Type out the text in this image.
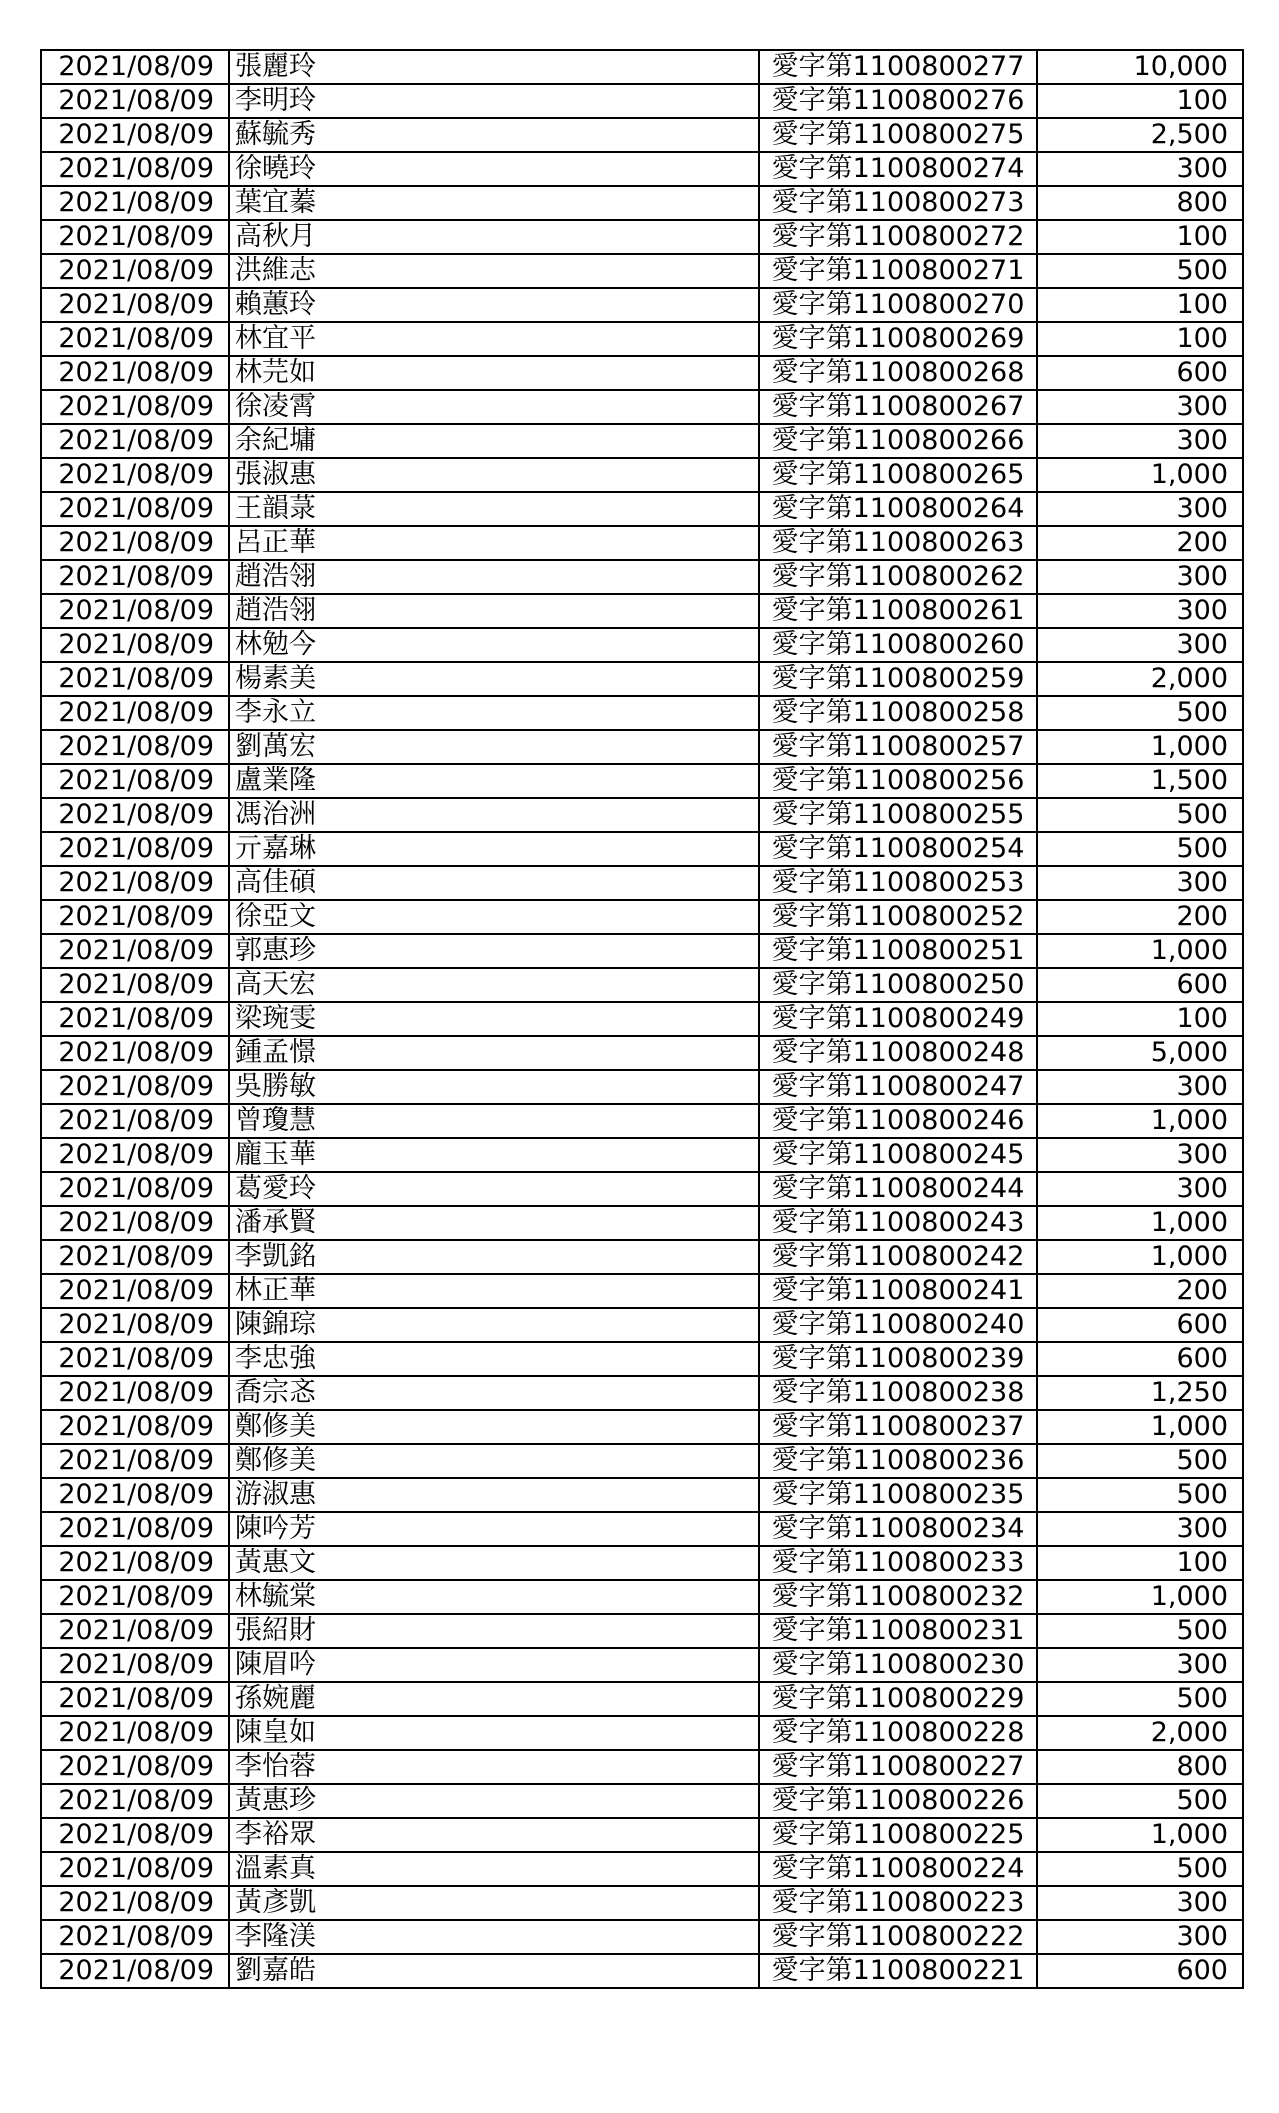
2021/08/09	張麗玲	愛字第1100800277	10,000
2021/08/09	李明玲	愛字第1100800276	100
2021/08/09	蘇毓秀	愛字第1100800275	2,500
2021/08/09	徐曉玲	愛字第1100800274	300
2021/08/09	葉宜蓁	愛字第1100800273	800
2021/08/09	高秋月	愛字第1100800272	100
2021/08/09	洪維志	愛字第1100800271	500
2021/08/09	賴蕙玲	愛字第1100800270	100
2021/08/09	林宜平	愛字第1100800269	100
2021/08/09	林芫如	愛字第1100800268	600
2021/08/09	徐凌霄	愛字第1100800267	300
2021/08/09	余紀墉	愛字第1100800266	300
2021/08/09	張淑惠	愛字第1100800265	1,000
2021/08/09	王韻菉	愛字第1100800264	300
2021/08/09	呂正華	愛字第1100800263	200
2021/08/09	趙浩翎	愛字第1100800262	300
2021/08/09	趙浩翎	愛字第1100800261	300
2021/08/09	林勉今	愛字第1100800260	300
2021/08/09	楊素美	愛字第1100800259	2,000
2021/08/09	李永立	愛字第1100800258	500
2021/08/09	劉萬宏	愛字第1100800257	1,000
2021/08/09	盧業隆	愛字第1100800256	1,500
2021/08/09	馮治洲	愛字第1100800255	500
2021/08/09	亓嘉琳	愛字第1100800254	500
2021/08/09	高佳碩	愛字第1100800253	300
2021/08/09	徐亞文	愛字第1100800252	200
2021/08/09	郭惠珍	愛字第1100800251	1,000
2021/08/09	高天宏	愛字第1100800250	600
2021/08/09	梁琬雯	愛字第1100800249	100
2021/08/09	鍾孟憬	愛字第1100800248	5,000
2021/08/09	吳勝敏	愛字第1100800247	300
2021/08/09	曾瓊慧	愛字第1100800246	1,000
2021/08/09	龐玉華	愛字第1100800245	300
2021/08/09	葛愛玲	愛字第1100800244	300
2021/08/09	潘承賢	愛字第1100800243	1,000
2021/08/09	李凱銘	愛字第1100800242	1,000
2021/08/09	林正華	愛字第1100800241	200
2021/08/09	陳錦琮	愛字第1100800240	600
2021/08/09	李忠強	愛字第1100800239	600
2021/08/09	喬宗忞	愛字第1100800238	1,250
2021/08/09	鄭修美	愛字第1100800237	1,000
2021/08/09	鄭修美	愛字第1100800236	500
2021/08/09	游淑惠	愛字第1100800235	500
2021/08/09	陳吟芳	愛字第1100800234	300
2021/08/09	黃惠文	愛字第1100800233	100
2021/08/09	林毓棠	愛字第1100800232	1,000
2021/08/09	張紹財	愛字第1100800231	500
2021/08/09	陳眉吟	愛字第1100800230	300
2021/08/09	孫婉麗	愛字第1100800229	500
2021/08/09	陳皇如	愛字第1100800228	2,000
2021/08/09	李怡蓉	愛字第1100800227	800
2021/08/09	黃惠珍	愛字第1100800226	500
2021/08/09	李裕眾	愛字第1100800225	1,000
2021/08/09	溫素真	愛字第1100800224	500
2021/08/09	黃彥凱	愛字第1100800223	300
2021/08/09	李隆渼	愛字第1100800222	300
2021/08/09	劉嘉皓	愛字第1100800221	600
